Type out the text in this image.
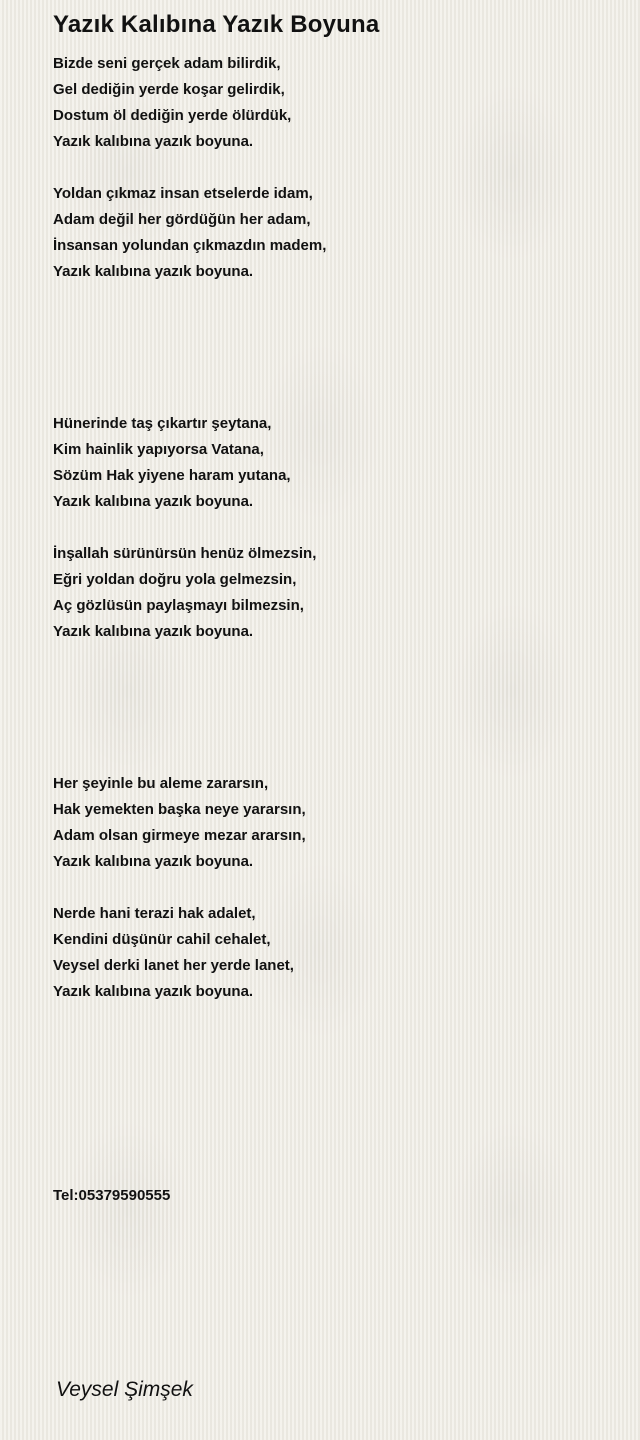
Yazık Kalıbına Yazık Boyuna
Bizde seni gerçek adam bilirdik,
Gel dediğin yerde koşar gelirdik,
Dostum öl dediğin yerde ölürdük,
Yazık kalıbına yazık boyuna.
Yoldan çıkmaz insan etselerde idam,
Adam değil her gördüğün her adam,
İnsansan yolundan çıkmazdın madem,
Yazık kalıbına yazık boyuna.
Hünerinde taş çıkartır şeytana,
Kim hainlik yapıyorsa Vatana,
Sözüm Hak yiyene haram yutana,
Yazık kalıbına yazık boyuna.
İnşallah sürünürsün henüz ölmezsin,
Eğri yoldan doğru yola gelmezsin,
Aç gözlüsün paylaşmayı bilmezsin,
Yazık kalıbına yazık boyuna.
Her şeyinle bu aleme zararsın,
Hak yemekten başka neye yararsın,
Adam olsan girmeye mezar ararsın,
Yazık kalıbına yazık boyuna.
Nerde hani terazi hak adalet,
Kendini düşünür cahil cehalet,
Veysel derki lanet her yerde lanet,
Yazık kalıbına yazık boyuna.
Tel:05379590555
Veysel Şimşek
